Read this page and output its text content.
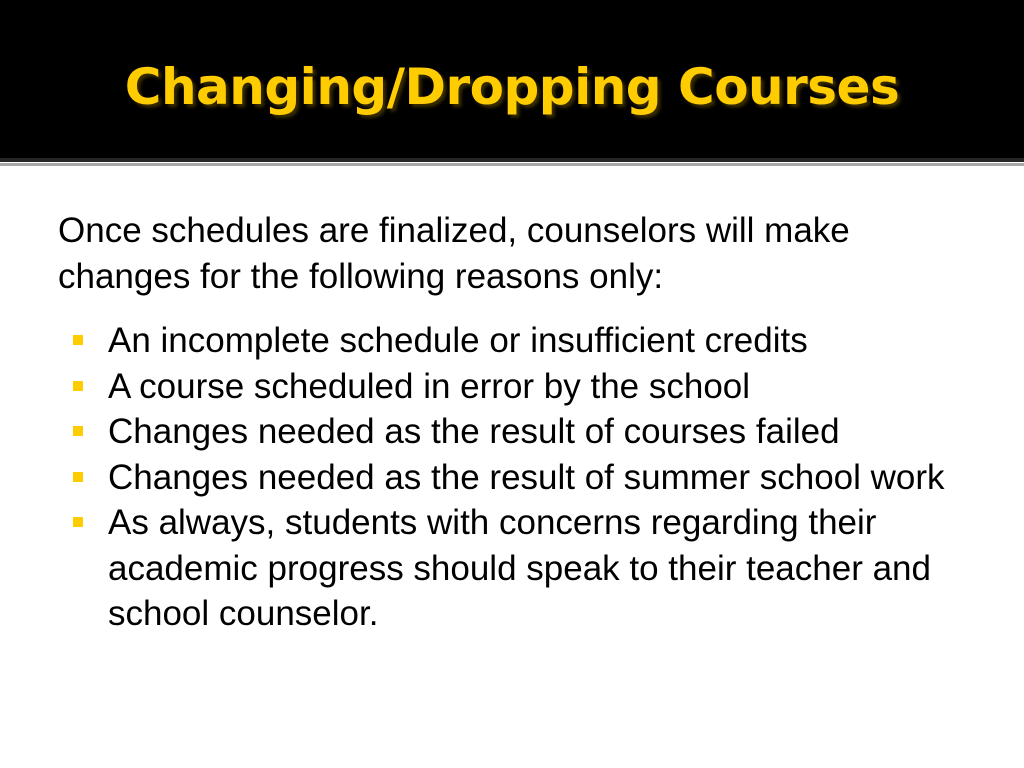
Changing/Dropping Courses

Once schedules are finalized, counselors will make changes for the following reasons only:

An incomplete schedule or insufficient credits
A course scheduled in error by the school
Changes needed as the result of courses failed
Changes needed as the result of summer school work
As always, students with concerns regarding their academic progress should speak to their teacher and school counselor.
